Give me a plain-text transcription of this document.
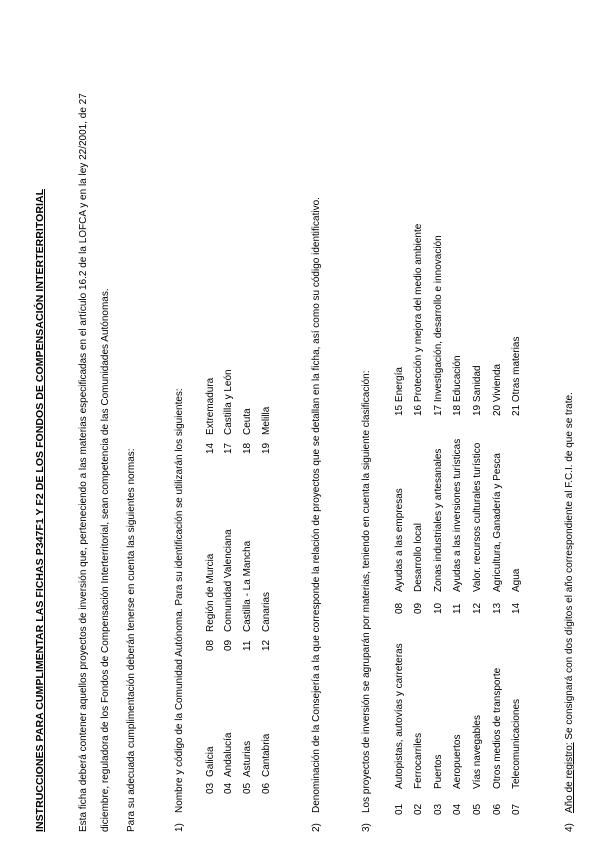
INSTRUCCIONES PARA CUMPLIMENTAR LAS FICHAS P347F1 Y F2 DE LOS FONDOS DE COMPENSACIÓN INTERTERRITORIAL	Esta ficha deberá contener aquellos proyectos de inversión que, perteneciendo a las materias especificadas en el artículo 16.2 de la LOFCA y en la ley 22/2001, de 27 diciembre, reguladora de los Fondos de Compensación Interterritorial, sean competencia de las Comunidades Autónomas. Para su adecuada cumplimentación deberán tenerse en cuenta las siguientes normas:	1)
Nombre y código de la Comunidad Autónoma. Para su identificación se utilizarán los siguientes: 03
Galicia
04
Andalucía
05
Asturias
06
Cantabria
08
Región de Murcia
09
Comunidad Valenciana
11
Castilla - La Mancha
12
Canarias
14
Extremadura
17
Castilla y León
18
Ceuta
19
Melilla
2)
Denominación de la Consejería a la que corresponde la relación de proyectos que se detallan en la ficha, así como su código identificativo.
3)
Los proyectos de inversión se agruparán por materias, teniendo en cuenta la siguiente clasificación: 01
Autopistas, autovías y carreteras
02
Ferrocarriles
03
Puertos
04
Aeropuertos
05
Vías navegables
06
Otros medios de transporte
07
Telecomunicaciones
08
Ayudas a las empresas
09
Desarrollo local
10
Zonas industriales y artesanales
11
Ayudas a las inversiones turísticas
12
Valor. recursos culturales turístico
13
Agricultura, Ganadería y Pesca
14
Agua
15 Energía
16 Protección y mejora del medio ambiente
17 Investigación, desarrollo e innovación
18 Educación
19 Sanidad
20 Vivienda
21 Otras materias
4)
Año de registro: Se consignará con dos dígitos el año correspondiente al F.C.I. de que se trate.
